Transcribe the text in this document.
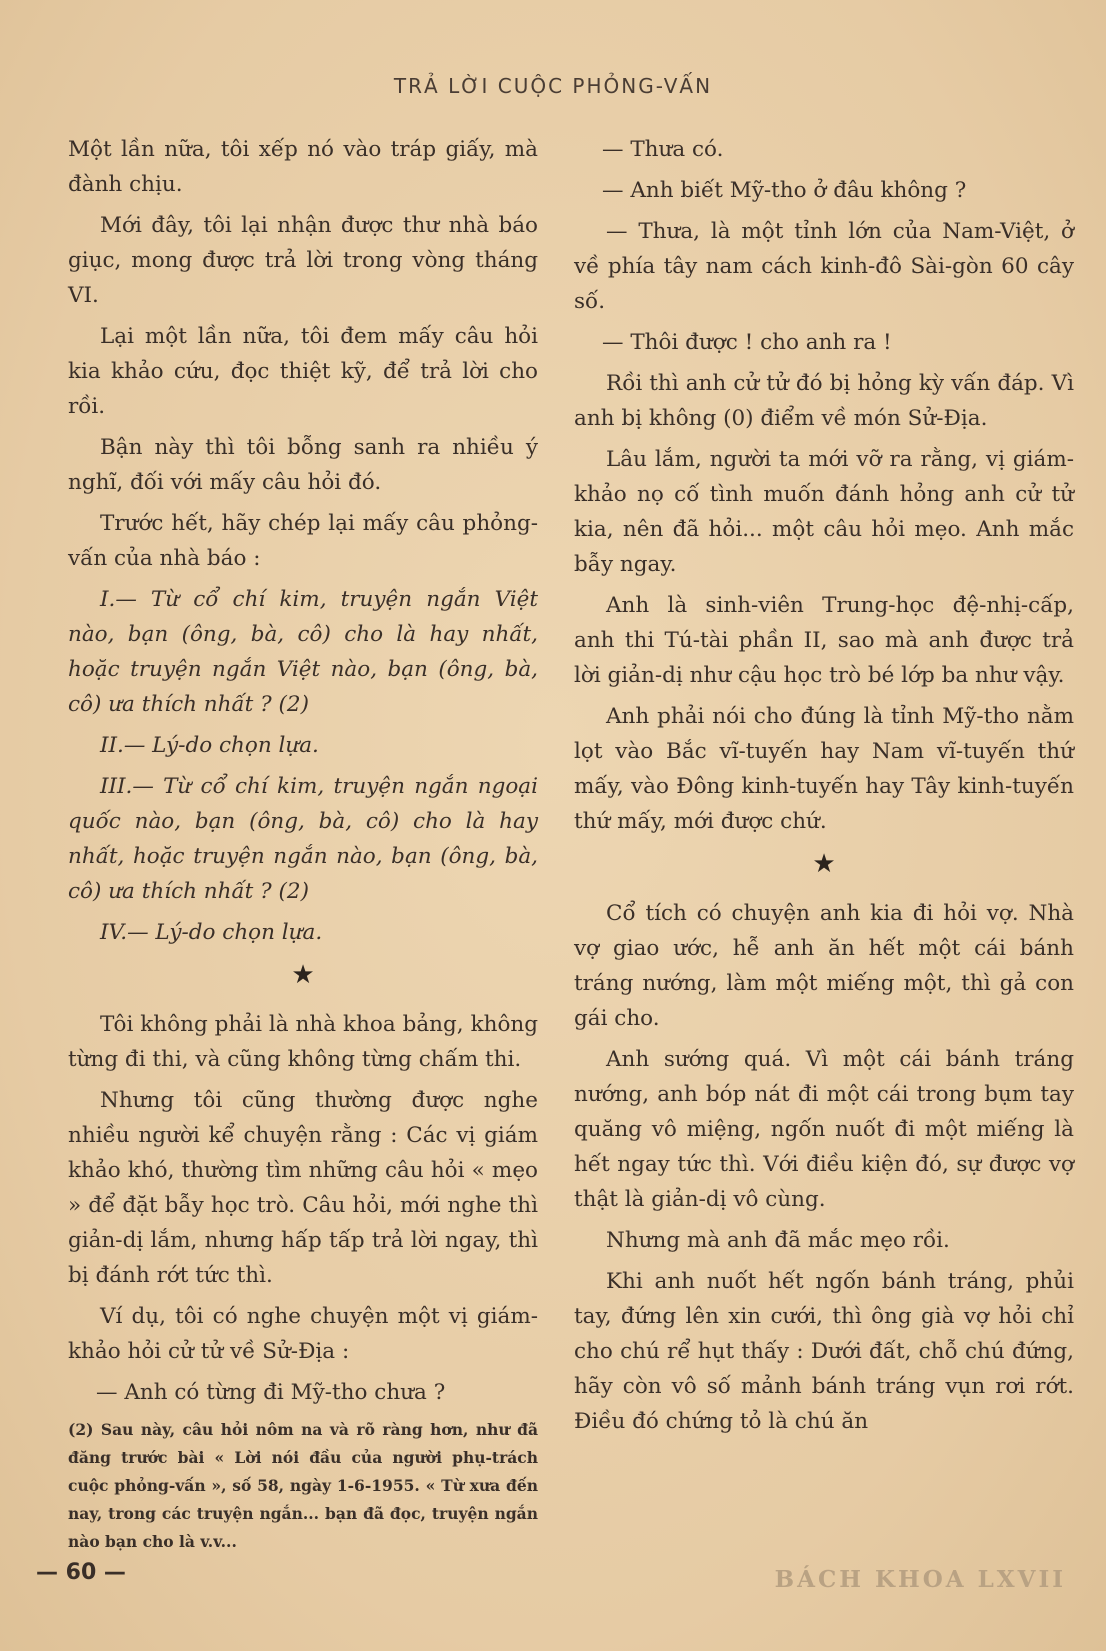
TRẢ LỜI CUỘC PHỎNG-VẤN

Một lần nữa, tôi xếp nó vào tráp giấy, mà đành chịu.

Mới đây, tôi lại nhận được thư nhà báo giục, mong được trả lời trong vòng tháng VI.

Lại một lần nữa, tôi đem mấy câu hỏi kia khảo cứu, đọc thiệt kỹ, để trả lời cho rồi.

Bận này thì tôi bỗng sanh ra nhiều ý nghĩ, đối với mấy câu hỏi đó.

Trước hết, hãy chép lại mấy câu phỏng-vấn của nhà báo :

I.— Từ cổ chí kim, truyện ngắn Việt nào, bạn (ông, bà, cô) cho là hay nhất, hoặc truyện ngắn Việt nào, bạn (ông, bà, cô) ưa thích nhất ? (2)

II.— Lý-do chọn lựa.

III.— Từ cổ chí kim, truyện ngắn ngoại quốc nào, bạn (ông, bà, cô) cho là hay nhất, hoặc truyện ngắn nào, bạn (ông, bà, cô) ưa thích nhất ? (2)

IV.— Lý-do chọn lựa.

★

Tôi không phải là nhà khoa bảng, không từng đi thi, và cũng không từng chấm thi.

Nhưng tôi cũng thường được nghe nhiều người kể chuyện rằng : Các vị giám khảo khó, thường tìm những câu hỏi « mẹo » để đặt bẫy học trò. Câu hỏi, mới nghe thì giản-dị lắm, nhưng hấp tấp trả lời ngay, thì bị đánh rớt tức thì.

Ví dụ, tôi có nghe chuyện một vị giám-khảo hỏi cử tử về Sử-Địa :

— Anh có từng đi Mỹ-tho chưa ?

(2) Sau này, câu hỏi nôm na và rõ ràng hơn, như đã đăng trước bài « Lời nói đầu của người phụ-trách cuộc phỏng-vấn », số 58, ngày 1-6-1955. « Từ xưa đến nay, trong các truyện ngắn... bạn đã đọc, truyện ngắn nào bạn cho là v.v...

— Thưa có.

— Anh biết Mỹ-tho ở đâu không ?

— Thưa, là một tỉnh lớn của Nam-Việt, ở về phía tây nam cách kinh-đô Sài-gòn 60 cây số.

— Thôi được ! cho anh ra !

Rồi thì anh cử tử đó bị hỏng kỳ vấn đáp. Vì anh bị không (0) điểm về món Sử-Địa.

Lâu lắm, người ta mới vỡ ra rằng, vị giám-khảo nọ cố tình muốn đánh hỏng anh cử tử kia, nên đã hỏi... một câu hỏi mẹo. Anh mắc bẫy ngay.

Anh là sinh-viên Trung-học đệ-nhị-cấp, anh thi Tú-tài phần II, sao mà anh được trả lời giản-dị như cậu học trò bé lớp ba như vậy.

Anh phải nói cho đúng là tỉnh Mỹ-tho nằm lọt vào Bắc vĩ-tuyến hay Nam vĩ-tuyến thứ mấy, vào Đông kinh-tuyến hay Tây kinh-tuyến thứ mấy, mới được chứ.

★

Cổ tích có chuyện anh kia đi hỏi vợ. Nhà vợ giao ước, hễ anh ăn hết một cái bánh tráng nướng, làm một miếng một, thì gả con gái cho.

Anh sướng quá. Vì một cái bánh tráng nướng, anh bóp nát đi một cái trong bụm tay quăng vô miệng, ngốn nuốt đi một miếng là hết ngay tức thì. Với điều kiện đó, sự được vợ thật là giản-dị vô cùng.

Nhưng mà anh đã mắc mẹo rồi.

Khi anh nuốt hết ngốn bánh tráng, phủi tay, đứng lên xin cưới, thì ông già vợ hỏi chỉ cho chú rể hụt thấy : Dưới đất, chỗ chú đứng, hãy còn vô số mảnh bánh tráng vụn rơi rớt. Điều đó chứng tỏ là chú ăn

— 60 —	BÁCH KHOA LXVII
